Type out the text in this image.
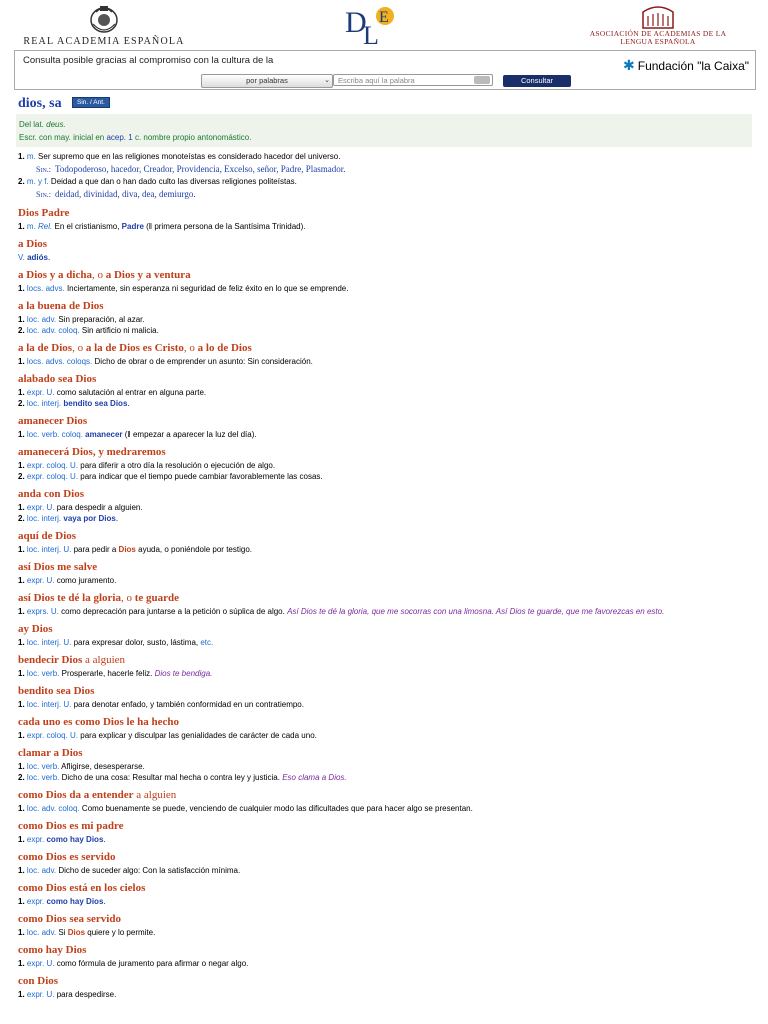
REAL ACADEMIA ESPAÑOLA
D
L
E
ASOCIACIÓN DE ACADEMIAS DE LA
LENGUA ESPAÑOLA
Consulta posible gracias al compromiso con la cultura de la	✱ Fundación "la Caixa"
por palabras	⌄	Escriba aquí la palabra	Consultar
dios, sa Sin. / Ant.
Del lat. deus.
Escr. con may. inicial en acep. 1 c. nombre propio antonomástico.
1. m. Ser supremo que en las religiones monoteístas es considerado hacedor del universo.
Sin.: Todopoderoso, hacedor, Creador, Providencia, Excelso, señor, Padre, Plasmador.
2. m. y f. Deidad a que dan o han dado culto las diversas religiones politeístas.
Sin.: deidad, divinidad, diva, dea, demiurgo.
Dios Padre
1. m. Rel. En el cristianismo, Padre (‖ primera persona de la Santísima Trinidad).
a Dios
V. adiós.
a Dios y a dicha, o a Dios y a ventura
1. locs. advs. Inciertamente, sin esperanza ni seguridad de feliz éxito en lo que se emprende.
a la buena de Dios
1. loc. adv. Sin preparación, al azar.
2. loc. adv. coloq. Sin artificio ni malicia.
a la de Dios, o a la de Dios es Cristo, o a lo de Dios
1. locs. advs. coloqs. Dicho de obrar o de emprender un asunto: Sin consideración.
alabado sea Dios
1. expr. U. como salutación al entrar en alguna parte.
2. loc. interj. bendito sea Dios.
amanecer Dios
1. loc. verb. coloq. amanecer (‖ empezar a aparecer la luz del día).
amanecerá Dios, y medraremos
1. expr. coloq. U. para diferir a otro día la resolución o ejecución de algo.
2. expr. coloq. U. para indicar que el tiempo puede cambiar favorablemente las cosas.
anda con Dios
1. expr. U. para despedir a alguien.
2. loc. interj. vaya por Dios.
aquí de Dios
1. loc. interj. U. para pedir a Dios ayuda, o poniéndole por testigo.
así Dios me salve
1. expr. U. como juramento.
así Dios te dé la gloria, o te guarde
1. exprs. U. como deprecación para juntarse a la petición o súplica de algo. Así Dios te dé la gloria, que me socorras con una limosna. Así Dios te guarde, que me favorezcas en esto.
ay Dios
1. loc. interj. U. para expresar dolor, susto, lástima, etc.
bendecir Dios a alguien
1. loc. verb. Prosperarle, hacerle feliz. Dios te bendiga.
bendito sea Dios
1. loc. interj. U. para denotar enfado, y también conformidad en un contratiempo.
cada uno es como Dios le ha hecho
1. expr. coloq. U. para explicar y disculpar las genialidades de carácter de cada uno.
clamar a Dios
1. loc. verb. Afligirse, desesperarse.
2. loc. verb. Dicho de una cosa: Resultar mal hecha o contra ley y justicia. Eso clama a Dios.
como Dios da a entender a alguien
1. loc. adv. coloq. Como buenamente se puede, venciendo de cualquier modo las dificultades que para hacer algo se presentan.
como Dios es mi padre
1. expr. como hay Dios.
como Dios es servido
1. loc. adv. Dicho de suceder algo: Con la satisfacción mínima.
como Dios está en los cielos
1. expr. como hay Dios.
como Dios sea servido
1. loc. adv. Si Dios quiere y lo permite.
como hay Dios
1. expr. U. como fórmula de juramento para afirmar o negar algo.
con Dios
1. expr. U. para despedirse.
